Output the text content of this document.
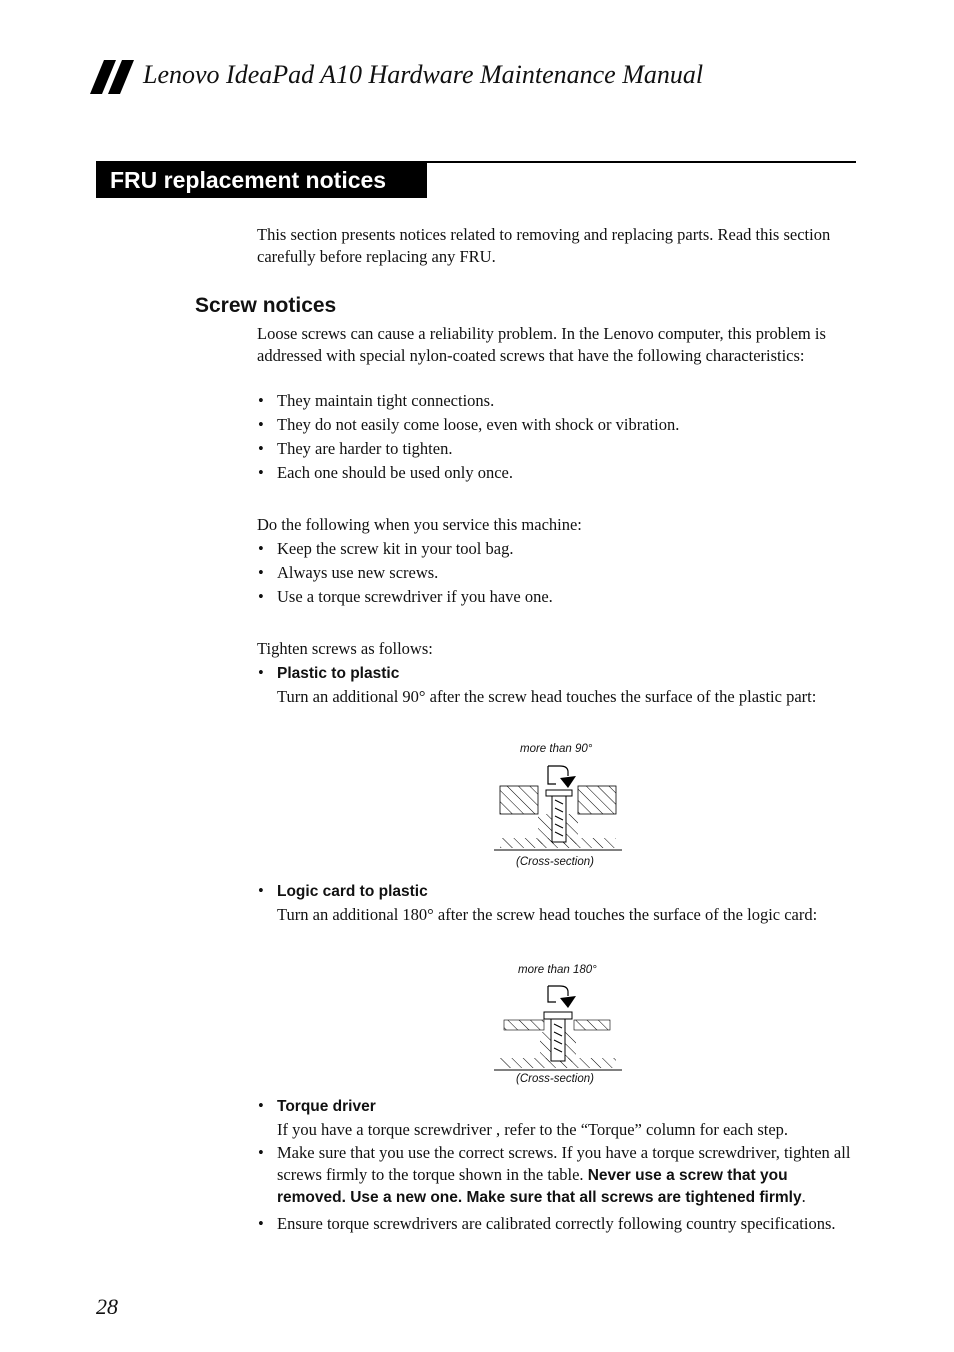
Lenovo IdeaPad A10 Hardware Maintenance Manual
FRU replacement notices
This section presents notices related to removing and replacing parts. Read this section carefully before replacing any FRU.
Screw notices
Loose screws can cause a reliability problem. In the Lenovo computer, this problem is addressed with special nylon-coated screws that have the following characteristics:
• They maintain tight connections.
• They do not easily come loose, even with shock or vibration.
• They are harder to tighten.
• Each one should be used only once.
Do the following when you service this machine:
• Keep the screw kit in your tool bag.
• Always use new screws.
• Use a torque screwdriver if you have one.
Tighten screws as follows:
• Plastic to plastic
Turn an additional 90° after the screw head touches the surface of the plastic part:
more than 90°
(Cross-section)
• Logic card to plastic
Turn an additional 180° after the screw head touches the surface of the logic card:
more than 180°
(Cross-section)
• Torque driver
If you have a torque screwdriver , refer to the “Torque” column for each step.
• Make sure that you use the correct screws. If you have a torque screwdriver, tighten all screws firmly to the torque shown in the table. Never use a screw that you removed. Use a new one. Make sure that all screws are tightened firmly.
• Ensure torque screwdrivers are calibrated correctly following country specifications.
28
